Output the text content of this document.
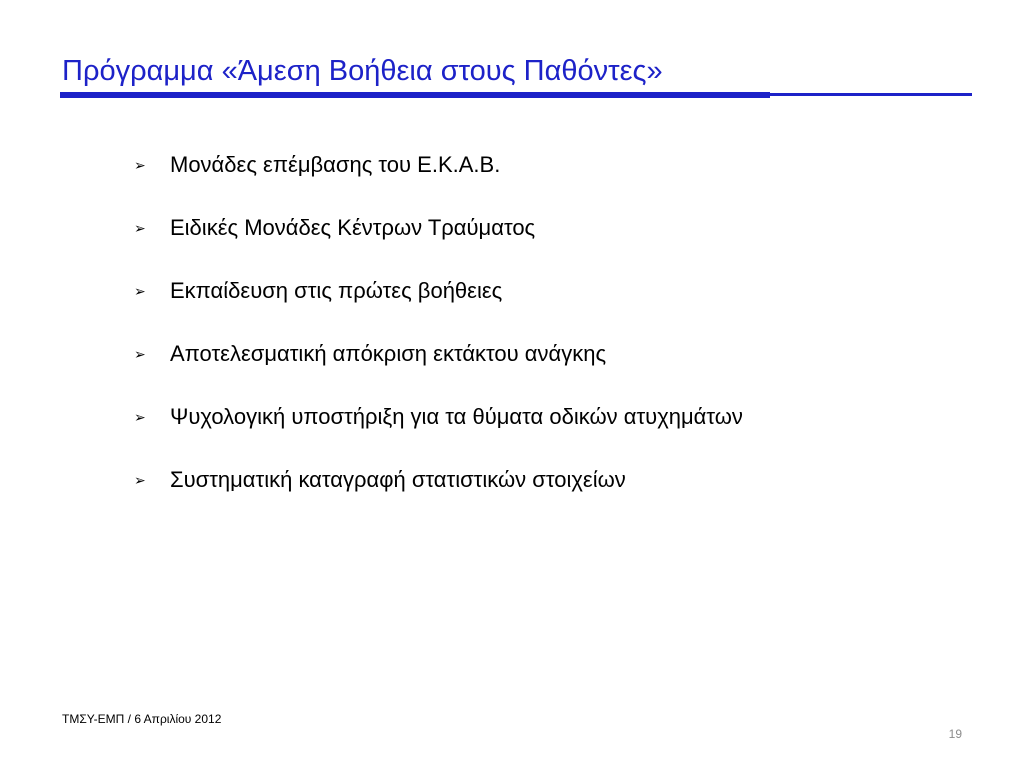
Πρόγραμμα «Άμεση Βοήθεια στους Παθόντες»
➢	Μονάδες επέμβασης του Ε.Κ.Α.Β.
➢	Ειδικές Μονάδες Κέντρων Τραύματος
➢	Εκπαίδευση στις πρώτες βοήθειες
➢	Αποτελεσματική απόκριση εκτάκτου ανάγκης
➢	Ψυχολογική υποστήριξη για τα θύματα οδικών ατυχημάτων
➢	Συστηματική καταγραφή στατιστικών στοιχείων
ΤΜΣΥ-ΕΜΠ / 6 Απριλίου 2012
19
